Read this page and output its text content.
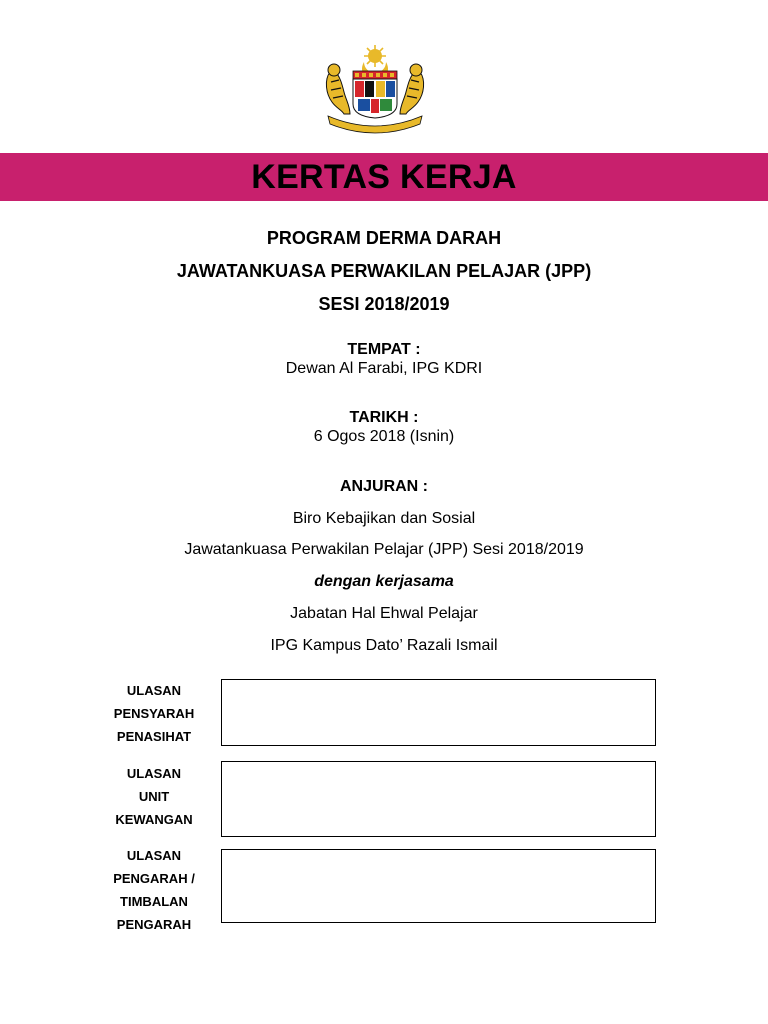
KERTAS KERJA
PROGRAM DERMA DARAH
JAWATANKUASA PERWAKILAN PELAJAR (JPP)
SESI 2018/2019
TEMPAT :
Dewan Al Farabi, IPG KDRI
TARIKH :
6 Ogos 2018 (Isnin)
ANJURAN :
Biro Kebajikan dan Sosial
Jawatankuasa Perwakilan Pelajar (JPP) Sesi 2018/2019
dengan kerjasama
Jabatan Hal Ehwal Pelajar
IPG Kampus Dato’ Razali Ismail
ULASAN
PENSYARAH
PENASIHAT
ULASAN
UNIT
KEWANGAN
ULASAN
PENGARAH /
TIMBALAN
PENGARAH
